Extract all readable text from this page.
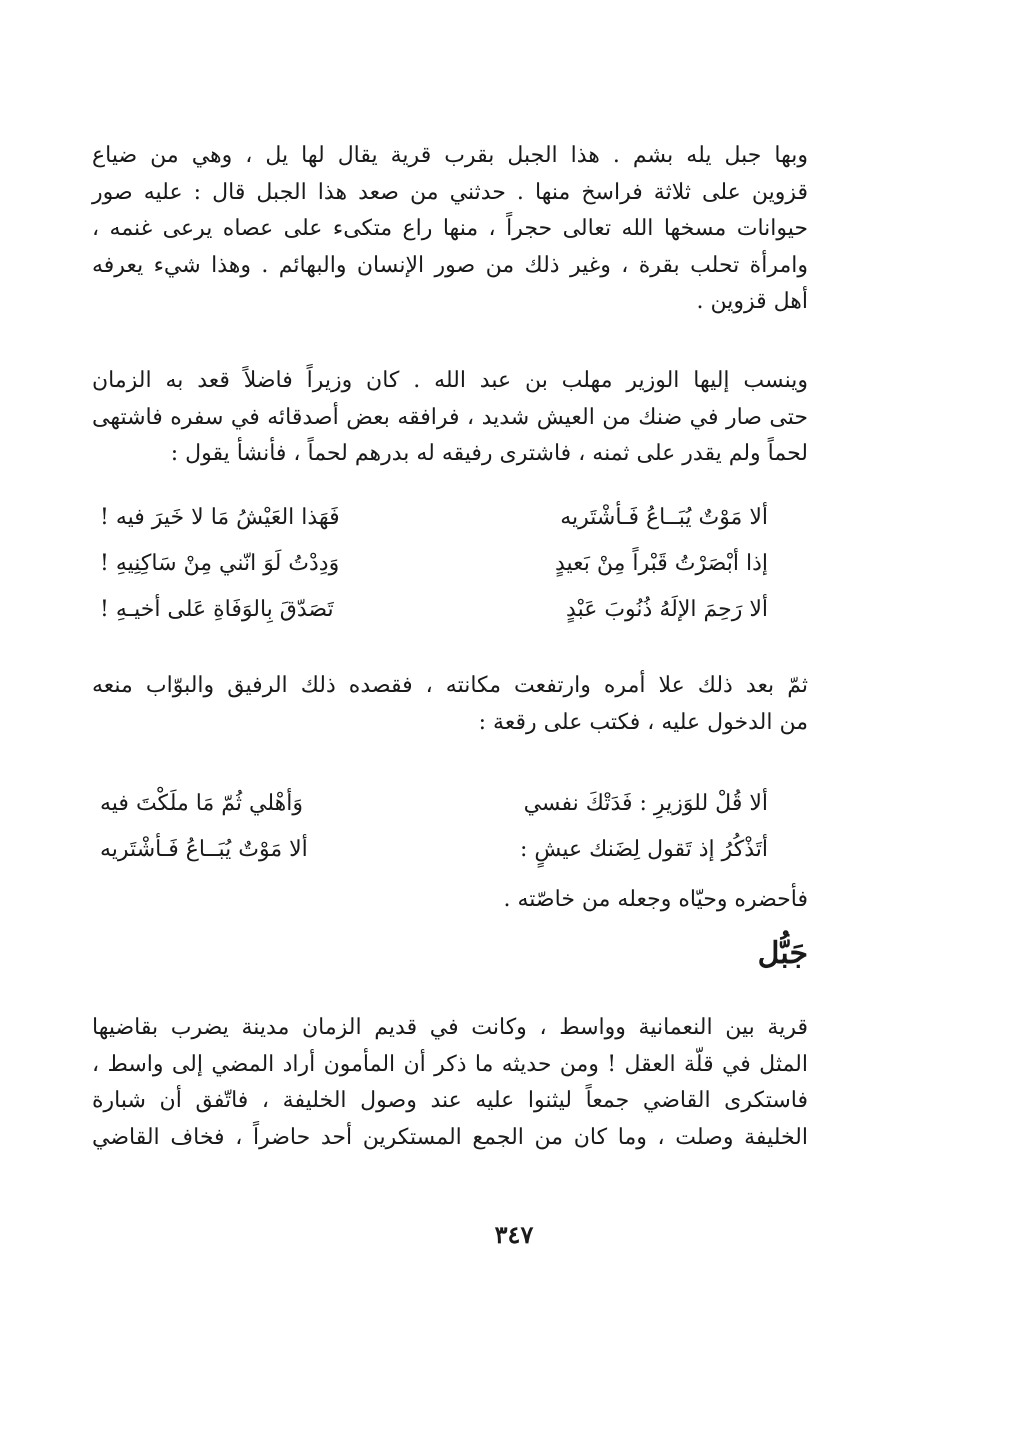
وبها جبل يله بشم . هذا الجبل بقرب قرية يقال لها يل ، وهي من ضياع
قزوين على ثلاثة فراسخ منها . حدثني من صعد هذا الجبل قال : عليه صور
حيوانات مسخها الله تعالى حجراً ، منها راع متكىء على عصاه يرعى غنمه ،
وامرأة تحلب بقرة ، وغير ذلك من صور الإنسان والبهائم . وهذا شيء يعرفه
أهل قزوين .
وينسب إليها الوزير مهلب بن عبد الله . كان وزيراً فاضلاً قعد به الزمان
حتى صار في ضنك من العيش شديد ، فرافقه بعض أصدقائه في سفره فاشتهى
لحماً ولم يقدر على ثمنه ، فاشترى رفيقه له بدرهم لحماً ، فأنشأ يقول :
ألا مَوْتٌ يُبَــاعُ فَـأشْتَريه
فَهَذا العَيْشُ مَا لا خَيرَ فيه !
إذا أبْصَرْتُ قَبْراً مِنْ بَعيدٍ
وَدِدْتُ لَوَ انّني مِنْ سَاكِنِيهِ !
ألا رَحِمَ الإلَهُ ذُنُوبَ عَبْدٍ
تَصَدّقَ بِالوَفَاةِ عَلى أخيـهِ !
ثمّ بعد ذلك علا أمره وارتفعت مكانته ، فقصده ذلك الرفيق والبوّاب منعه
من الدخول عليه ، فكتب على رقعة :
ألا قُلْ للوَزيرِ : فَدَتْكَ نفسي
وَأهْلي ثُمّ مَا ملَكْتَ فيه
أتَذْكُرُ إذ تَقول لِضَنك عيشٍ :
ألا مَوْتٌ يُبَــاعُ فَـأشْتَريه
فأحضره وحيّاه وجعله من خاصّته .
جَبُّل
قرية بين النعمانية وواسط ، وكانت في قديم الزمان مدينة يضرب بقاضيها
المثل في قلّة العقل ! ومن حديثه ما ذكر أن المأمون أراد المضي إلى واسط ،
فاستكرى القاضي جمعاً ليثنوا عليه عند وصول الخليفة ، فاتّفق أن شبارة
الخليفة وصلت ، وما كان من الجمع المستكرين أحد حاضراً ، فخاف القاضي
٣٤٧
